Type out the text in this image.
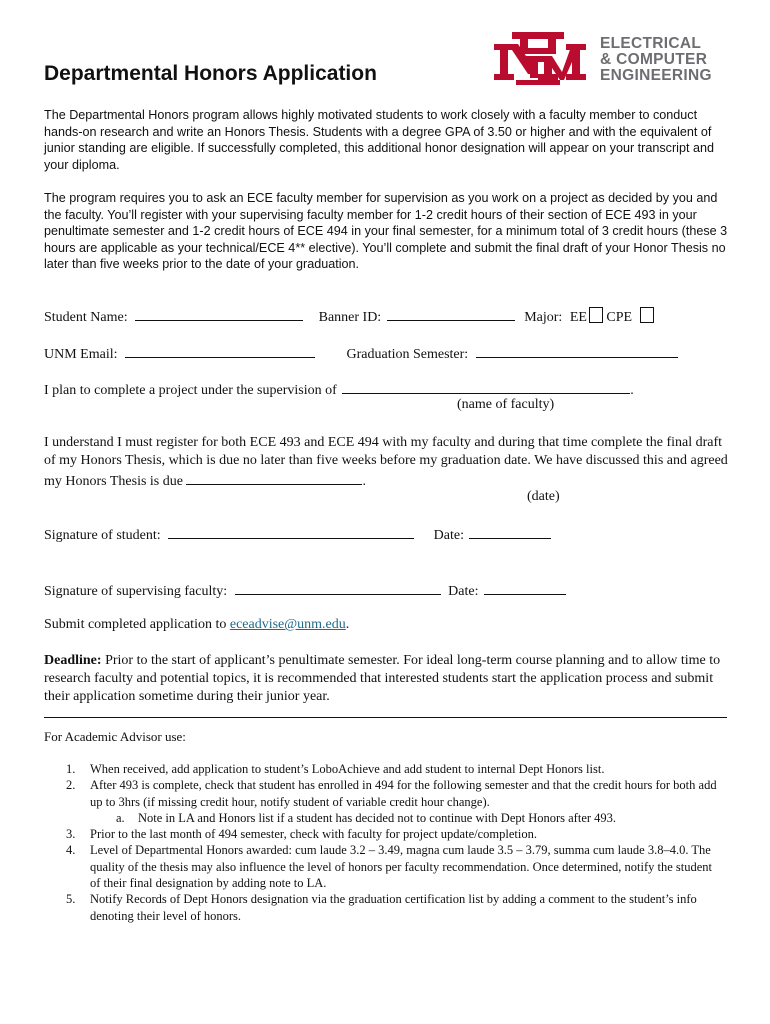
ELECTRICAL
& COMPUTER
ENGINEERING
Departmental Honors Application

The Departmental Honors program allows highly motivated students to work closely with a faculty member to conduct hands-on research and write an Honors Thesis. Students with a degree GPA of 3.50 or higher and with the equivalent of junior standing are eligible. If successfully completed, this additional honor designation will appear on your transcript and your diploma.

The program requires you to ask an ECE faculty member for supervision as you work on a project as decided by you and the faculty. You’ll register with your supervising faculty member for 1-2 credit hours of their section of ECE 493 in your penultimate semester and 1-2 credit hours of ECE 494 in your final semester, for a minimum total of 3 credit hours (these 3 hours are applicable as your technical/ECE 4** elective). You’ll complete and submit the final draft of your Honor Thesis no later than five weeks prior to the date of your graduation.

Student Name:	Banner ID:	Major: EE CPE
UNM Email:	Graduation Semester:
I plan to complete a project under the supervision of	.
(name of faculty)

I understand I must register for both ECE 493 and ECE 494 with my faculty and during that time complete the final draft of my Honors Thesis, which is due no later than five weeks before my graduation date. We have discussed this and agreed my Honors Thesis is due	.

(date)
Signature of student:	Date:
Signature of supervising faculty:	Date:
Submit completed application to eceadvise@unm.edu.

Deadline: Prior to the start of applicant’s penultimate semester. For ideal long-term course planning and to allow time to research faculty and potential topics, it is recommended that interested students start the application process and submit their application sometime during their junior year.

For Academic Advisor use:
1. When received, add application to student’s LoboAchieve and add student to internal Dept Honors list.
2. After 493 is complete, check that student has enrolled in 494 for the following semester and that the credit hours for both add up to 3hrs (if missing credit hour, notify student of variable credit hour change).
a. Note in LA and Honors list if a student has decided not to continue with Dept Honors after 493.
3. Prior to the last month of 494 semester, check with faculty for project update/completion.
4. Level of Departmental Honors awarded: cum laude 3.2 – 3.49, magna cum laude 3.5 – 3.79, summa cum laude 3.8–4.0. The quality of the thesis may also influence the level of honors per faculty recommendation. Once determined, notify the student of their final designation by adding note to LA.
5. Notify Records of Dept Honors designation via the graduation certification list by adding a comment to the student’s info denoting their level of honors.
